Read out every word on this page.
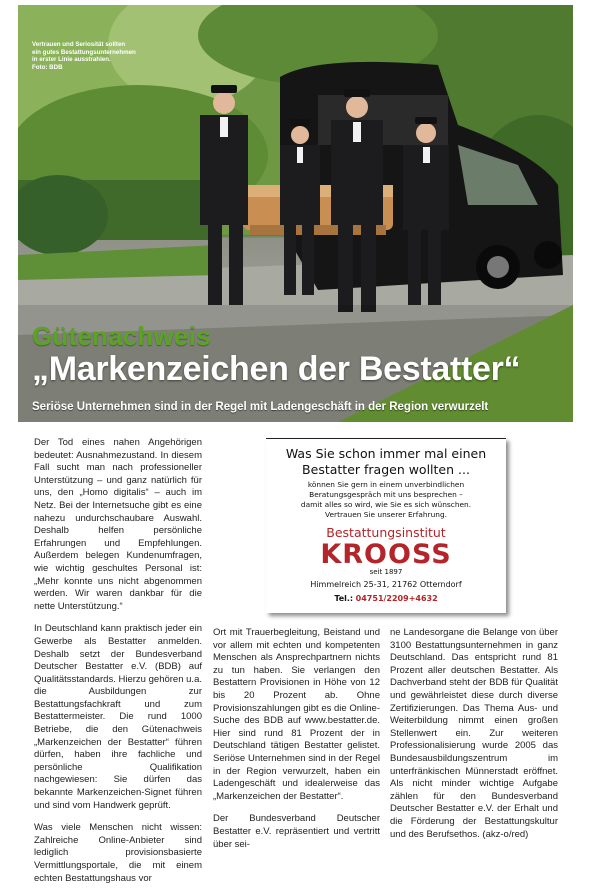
Vertrauen und Seriosität sollten
ein gutes Bestattungsunternehmen
in erster Linie ausstrahlen.
Foto: BDB
Gütenachweis
„Markenzeichen der Bestatter“
Seriöse Unternehmen sind in der Regel mit Ladengeschäft in der Region verwurzelt

Der Tod eines nahen Angehörigen bedeutet: Ausnahmezustand. In diesem Fall sucht man nach professioneller Unterstützung – und ganz natürlich für uns, den „Homo digitalis“ – auch im Netz. Bei der Internetsuche gibt es eine nahezu undurchschaubare Auswahl. Deshalb helfen persönliche Erfahrungen und Empfehlungen. Außerdem belegen Kundenumfragen, wie wichtig geschultes Personal ist: „Mehr konnte uns nicht abgenommen werden. Wir waren dankbar für die nette Unterstützung.“

In Deutschland kann praktisch jeder ein Gewerbe als Bestatter anmelden. Deshalb setzt der Bundesverband Deutscher Bestatter e.V. (BDB) auf Qualitätsstandards. Hierzu gehören u.a. die Ausbildungen zur Bestattungsfachkraft und zum Bestattermeister. Die rund 1000 Betriebe, die den Gütenachweis „Markenzeichen der Bestatter“ führen dürfen, haben ihre fachliche und persönliche Qualifikation nachgewiesen: Sie dürfen das bekannte Markenzeichen-Signet führen und sind vom Handwerk geprüft.

Was viele Menschen nicht wissen: Zahlreiche Online-Anbieter sind lediglich provisionsbasierte Vermittlungsportale, die mit einem echten Bestattungshaus vor

Was Sie schon immer mal einen
Bestatter fragen wollten ...
können Sie gern in einem unverbindlichen
Beratungsgespräch mit uns besprechen –
damit alles so wird, wie Sie es sich wünschen.
Vertrauen Sie unserer Erfahrung.
Bestattungsinstitut
KROOSS
seit 1897
Himmelreich 25-31, 21762 Otterndorf
Tel.: 04751/2209+4632

Ort mit Trauerbegleitung, Beistand und vor allem mit echten und kompetenten Menschen als Ansprechpartnern nichts zu tun haben. Sie verlangen den Bestattern Provisionen in Höhe von 12 bis 20 Prozent ab. Ohne Provisionszahlungen gibt es die Online-Suche des BDB auf www.bestatter.de. Hier sind rund 81 Prozent der in Deutschland tätigen Bestatter gelistet. Seriöse Unternehmen sind in der Regel in der Region verwurzelt, haben ein Ladengeschäft und idealerweise das „Markenzeichen der Bestatter“.

Der Bundesverband Deutscher Bestatter e.V. repräsentiert und vertritt über sei-

ne Landesorgane die Belange von über 3100 Bestattungsunternehmen in ganz Deutschland. Das entspricht rund 81 Prozent aller deutschen Bestatter. Als Dachverband steht der BDB für Qualität und gewährleistet diese durch diverse Zertifizierungen. Das Thema Aus- und Weiterbildung nimmt einen großen Stellenwert ein. Zur weiteren Professionalisierung wurde 2005 das Bundesausbildungszentrum im unterfränkischen Münnerstadt eröffnet. Als nicht minder wichtige Aufgabe zählen für den Bundesverband Deutscher Bestatter e.V. der Erhalt und die Förderung der Bestattungskultur und des Berufsethos. (akz-o/red)
